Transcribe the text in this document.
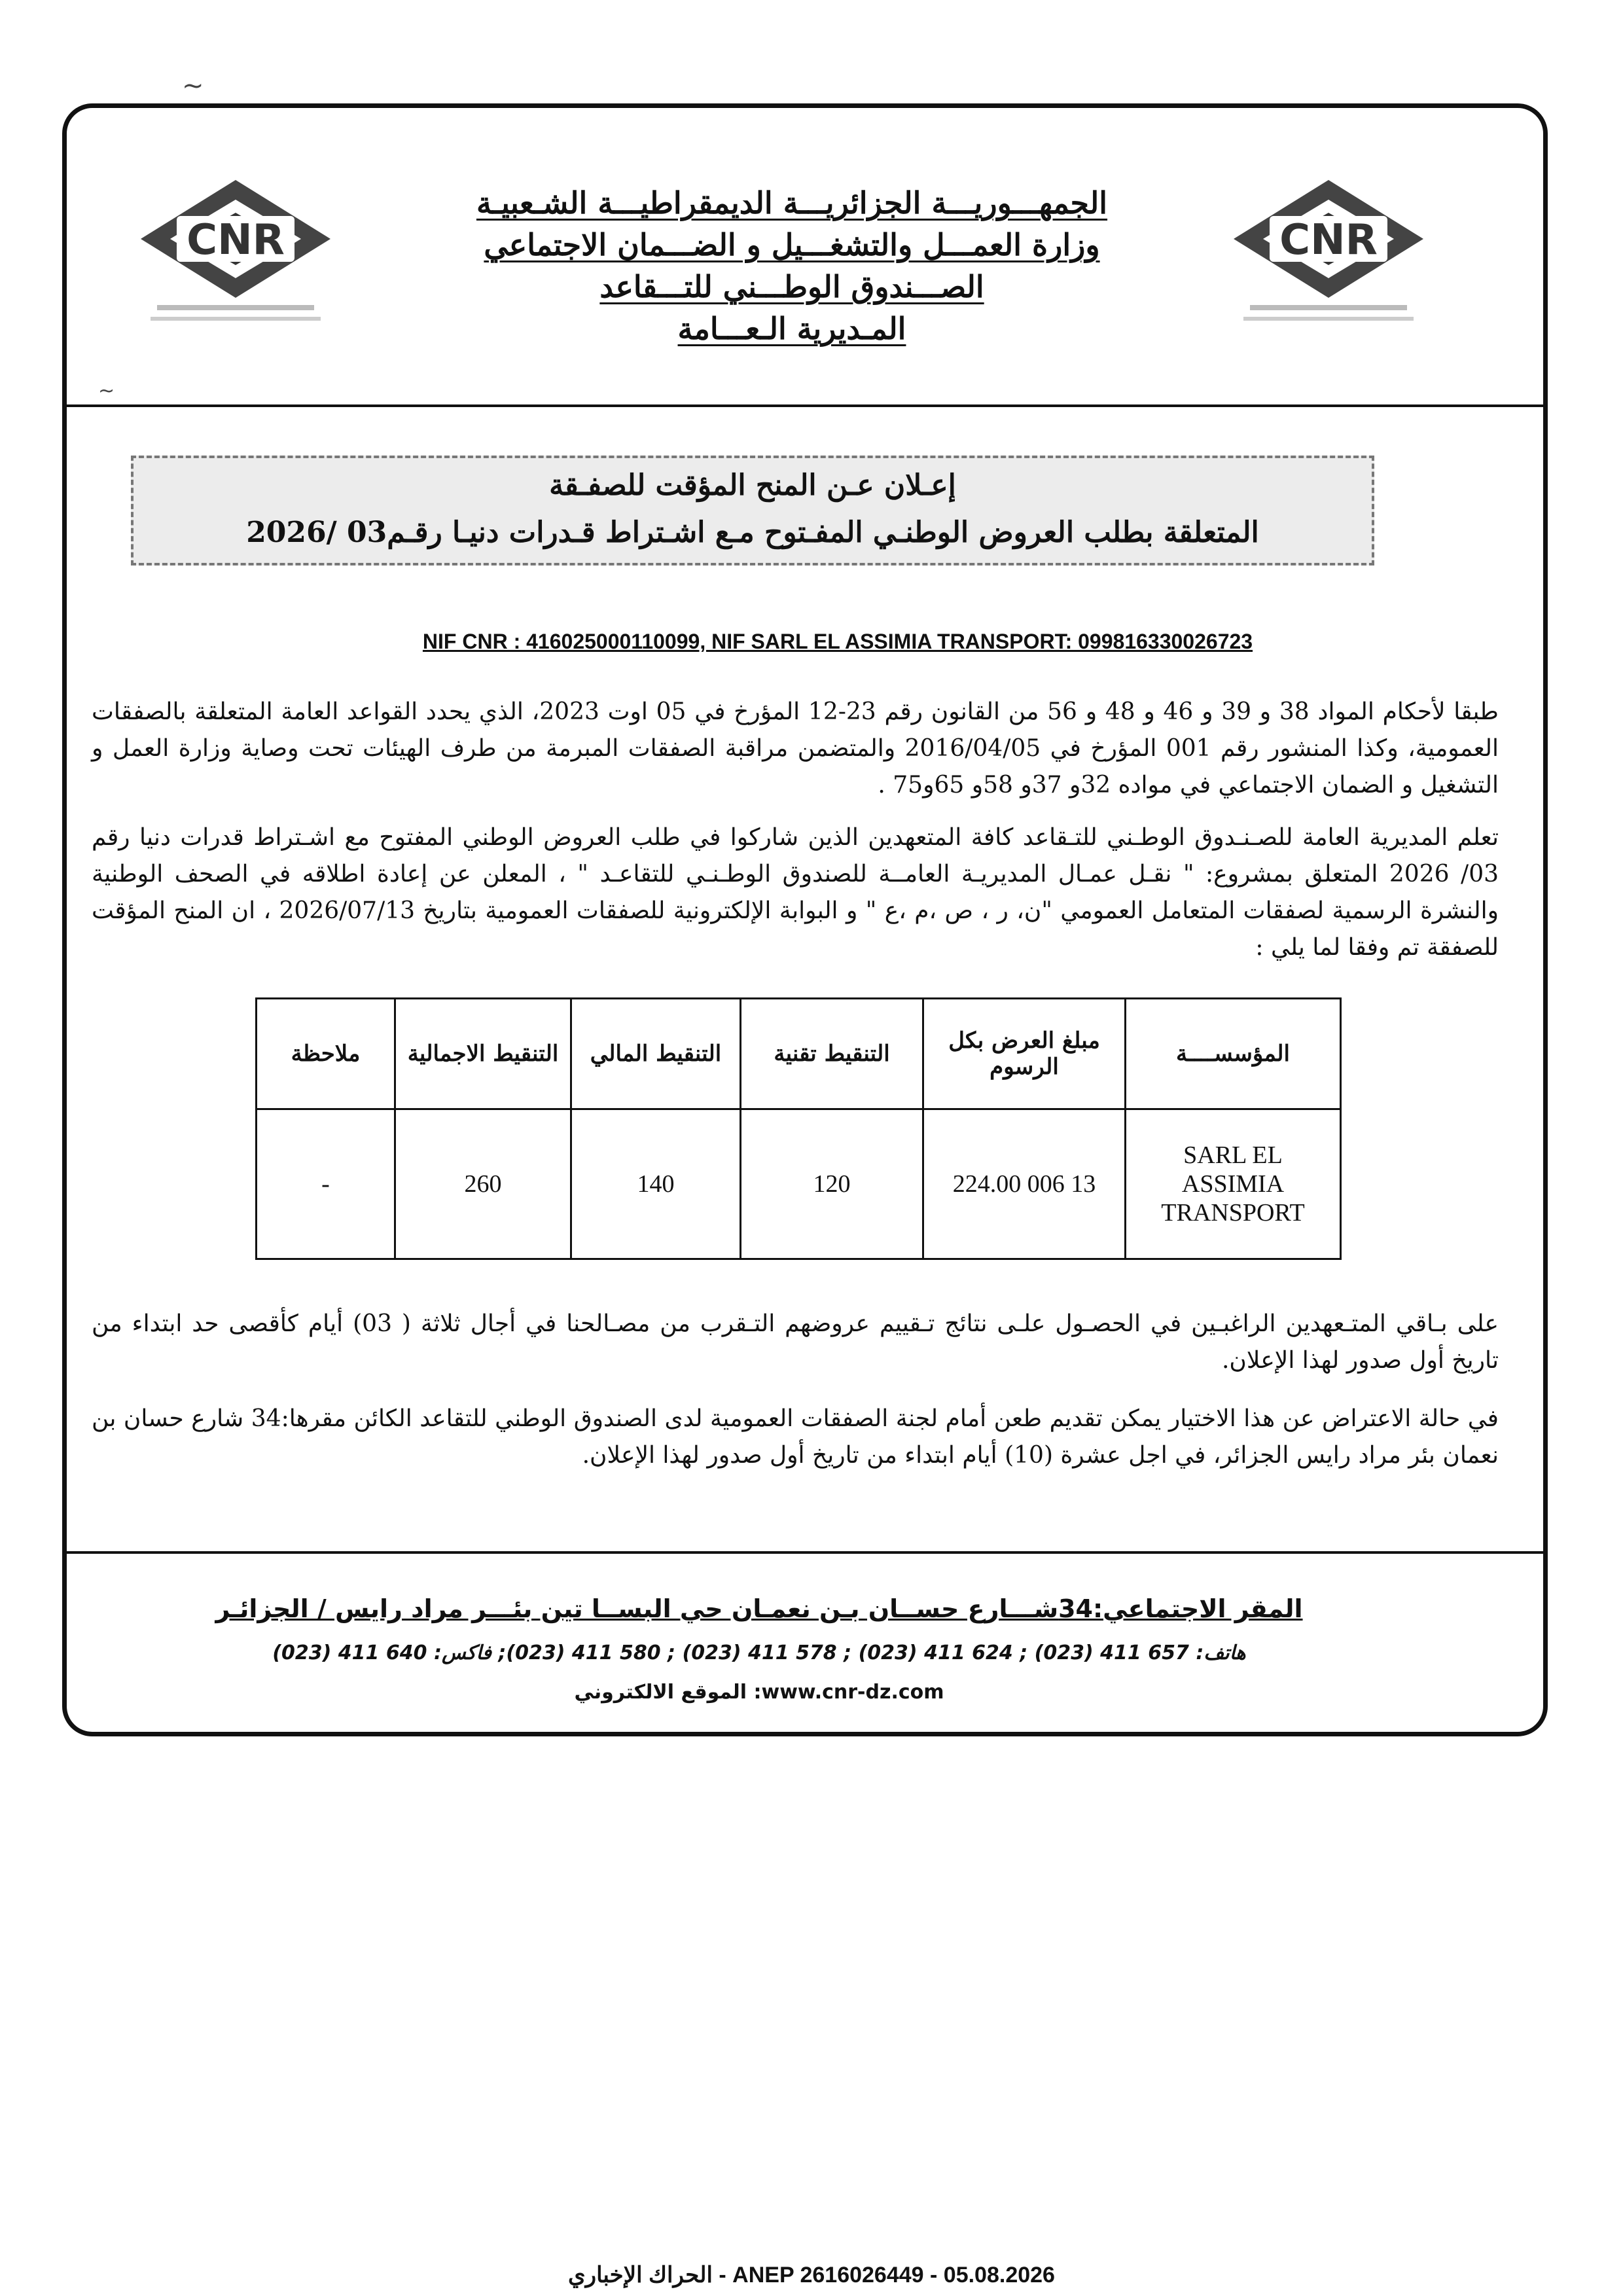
~
~
CNR	CNR
الجمهـــوريـــة الجزائريـــة الديمقراطيـــة الشـعبيـة
وزارة العمـــل والتشغـــيل و الضـــمان الاجتماعي
الصـــندوق الوطـــني للتـــقاعد
المـديرية الـعـــامة
إعـلان عـن المنح المؤقت للصفـقة
المتعلقة بطلب العروض الوطنـي المفـتوح مـع اشـتراط قـدرات دنيـا رقـم03 /2026
NIF CNR : 416025000110099, NIF SARL EL ASSIMIA TRANSPORT: 099816330026723
طبقا لأحكام المواد 38 و 39 و 46 و 48 و 56 من القانون رقم 23-12 المؤرخ في 05 اوت 2023، الذي يحدد القواعد العامة المتعلقة بالصفقات العمومية، وكذا المنشور رقم 001 المؤرخ في 2016/04/05 والمتضمن مراقبة الصفقات المبرمة من طرف الهيئات تحت وصاية وزارة العمل و التشغيل و الضمان الاجتماعي في مواده 32و 37و 58و 65و75 .
تعلم المديرية العامة للصـنـدوق الوطـني للتـقاعد كافة المتعهدين الذين شاركوا في طلب العروض الوطني المفتوح مع اشـتراط قدرات دنيا رقم 03/ 2026 المتعلق بمشروع: " نقـل عمـال المديريـة العامــة للصندوق الوطـنـي للتقاعـد " ، المعلن عن إعادة اطلاقه في الصحف الوطنية والنشرة الرسمية لصفقات المتعامل العمومي "ن، ر ، ص ،م ،ع " و البوابة الإلكترونية للصفقات العمومية بتاريخ 2026/07/13 ، ان المنح المؤقت للصفقة تم وفقا لما يلي :
المؤسســــة	مبلغ العرض بكل الرسوم	التنقيط تقنية	التنقيط المالي	التنقيط الاجمالية	ملاحظة
SARL EL ASSIMIA TRANSPORT	13 006 224.00	120	140	260	-
على بـاقي المتـعهدين الراغبـين في الحصـول علـى نتائج تـقييم عروضهم التـقرب من مصـالحنا في أجال ثلاثة ( 03) أيام كأقصى حد ابتداء من تاريخ أول صدور لهذا الإعلان.
في حالة الاعتراض عن هذا الاختيار يمكن تقديم طعن أمام لجنة الصفقات العمومية لدى الصندوق الوطني للتقاعد الكائن مقرها:34 شارع حسان بن نعمان بئر مراد رايس الجزائر، في اجل عشرة (10) أيام ابتداء من تاريخ أول صدور لهذا الإعلان.
المقر الاجتماعي:34شـــارع حســان بـن نعمـان حي البســا تين بئـــر مراد رايس / الجزائـر
هاتف: 657 411 (023) ; 624 411 (023) ; 578 411 (023) ; 580 411 (023); فاكس: 640 411 (023)
www.cnr-dz.com: الموقع الالكتروني
الحراك الإخباري - ANEP 2616026449 - 05.08.2026
